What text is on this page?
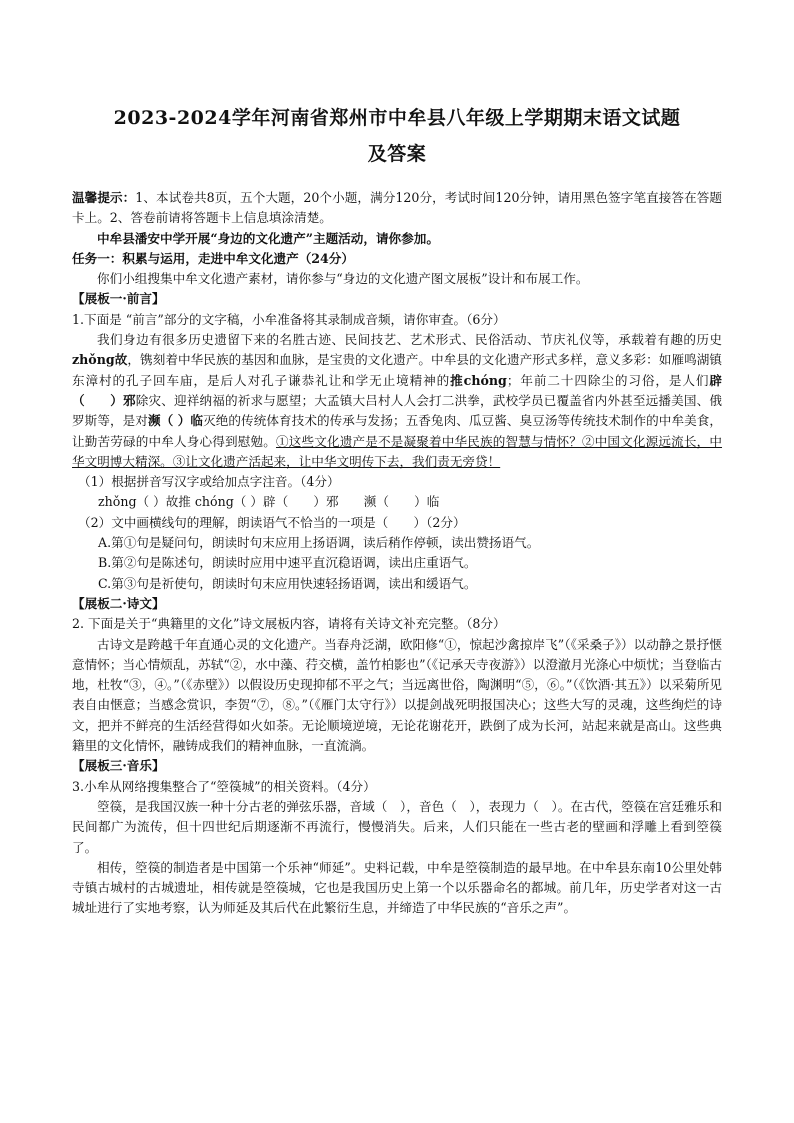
2023-2024学年河南省郑州市中牟县八年级上学期期末语文试题
及答案

温馨提示：1、本试卷共8页，五个大题，20个小题，满分120分，考试时间120分钟，请用黑色签字笔直接答在答题卡上。2、答卷前请将答题卡上信息填涂清楚。

中牟县潘安中学开展“身边的文化遗产”主题活动，请你参加。

任务一：积累与运用，走进中牟文化遗产（24分）

你们小组搜集中牟文化遗产素材，请你参与“身边的文化遗产图文展板”设计和布展工作。

【展板一·前言】

1.下面是 “前言”部分的文字稿，小牟准备将其录制成音频，请你审查。（6分）

我们身边有很多历史遗留下来的名胜古迹、民间技艺、艺术形式、民俗活动、节庆礼仪等，承载着有趣的历史zhǒng故，镌刻着中华民族的基因和血脉，是宝贵的文化遗产。中牟县的文化遗产形式多样，意义多彩：如雁鸣湖镇东漳村的孔子回车庙，是后人对孔子谦恭礼让和学无止境精神的推chóng；年前二十四除尘的习俗，是人们辟（　　）邪除灾、迎祥纳福的祈求与愿望；大孟镇大吕村人人会打二洪拳，武校学员已覆盖省内外甚至远播美国、俄罗斯等，是对濒（ ）临灭绝的传统体育技术的传承与发扬；五香兔肉、瓜豆酱、臭豆汤等传统技术制作的中牟美食，让勤苦劳碌的中牟人身心得到慰勉。①这些文化遗产是不是凝聚着中华民族的智慧与情怀？②中国文化源远流长，中华文明博大精深。③让文化遗产活起来，让中华文明传下去，我们责无旁贷！

（1）根据拼音写汉字或给加点字注音。（4分）

zhǒng（ ）故推 chóng（ ）辟（　　）邪　　濒（　　）临

（2）文中画横线句的理解，朗读语气不恰当的一项是（　　）（2分）

A.第①句是疑问句，朗读时句末应用上扬语调，读后稍作停顿，读出赞扬语气。

B.第②句是陈述句，朗读时应用中速平直沉稳语调，读出庄重语气。

C.第③句是祈使句，朗读时句末应用快速轻扬语调，读出和缓语气。

【展板二·诗文】

2. 下面是关于“典籍里的文化”诗文展板内容，请将有关诗文补充完整。（8分）

古诗文是跨越千年直通心灵的文化遗产。当春舟泛湖，欧阳修“①，惊起沙禽掠岸飞”（《采桑子》）以动静之景抒惬意情怀；当心情烦乱，苏轼“②，水中藻、荇交横，盖竹柏影也”（《记承天寺夜游》）以澄澈月光涤心中烦忧；当登临古地，杜牧“③，④。”（《赤壁》）以假设历史现抑郁不平之气；当远离世俗，陶渊明“⑤，⑥。”（《饮酒·其五》）以采菊所见表自由惬意；当感念赏识，李贺“⑦，⑧。”（《雁门太守行》）以提剑战死明报国决心；这些大写的灵魂，这些绚烂的诗文，把并不鲜亮的生活经营得如火如荼。无论顺境逆境，无论花谢花开，跌倒了成为长河，站起来就是高山。这些典籍里的文化情怀，融铸成我们的精神血脉，一直流淌。

【展板三·音乐】

3.小牟从网络搜集整合了“箜篌城”的相关资料。（4分）

箜篌，是我国汉族一种十分古老的弹弦乐器，音域（　），音色（　），表现力（　）。在古代，箜篌在宫廷雅乐和民间都广为流传，但十四世纪后期逐渐不再流行，慢慢消失。后来，人们只能在一些古老的壁画和浮雕上看到箜篌了。

相传，箜篌的制造者是中国第一个乐神“师延”。史料记载，中牟是箜篌制造的最早地。在中牟县东南10公里处韩寺镇古城村的古城遗址，相传就是箜篌城，它也是我国历史上第一个以乐器命名的都城。前几年，历史学者对这一古城址进行了实地考察，认为师延及其后代在此繁衍生息，并缔造了中华民族的“音乐之声”。
